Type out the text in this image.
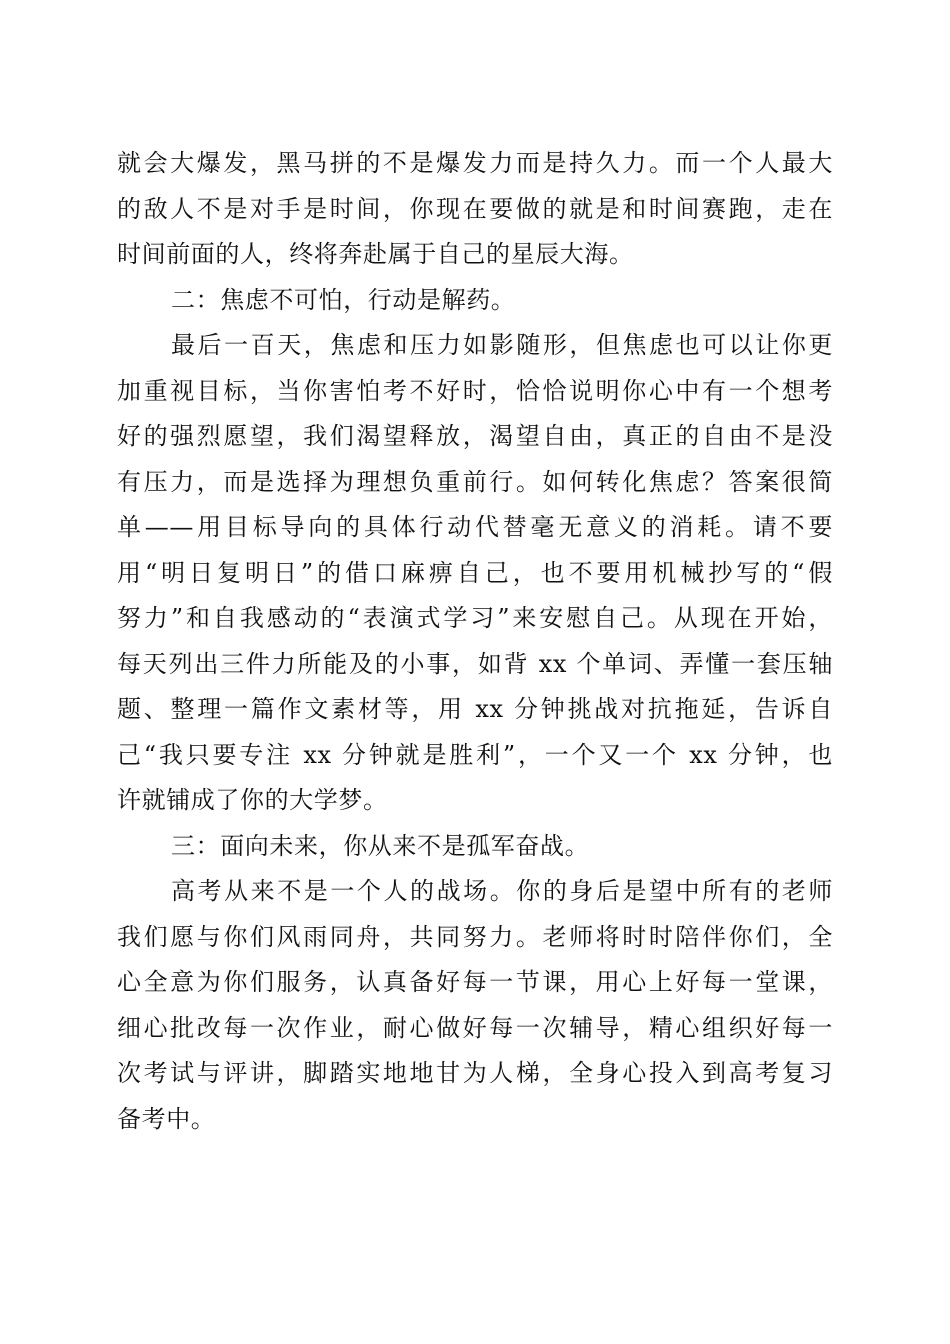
就会大爆发，黑马拼的不是爆发力而是持久力。而一个人最大
的敌人不是对手是时间，你现在要做的就是和时间赛跑，走在
时间前面的人，终将奔赴属于自己的星辰大海。
二：焦虑不可怕，行动是解药。
最后一百天，焦虑和压力如影随形，但焦虑也可以让你更
加重视目标，当你害怕考不好时，恰恰说明你心中有一个想考
好的强烈愿望，我们渴望释放，渴望自由，真正的自由不是没
有压力，而是选择为理想负重前行。如何转化焦虑？答案很简
单——用目标导向的具体行动代替毫无意义的消耗。请不要
用“明日复明日”的借口麻痹自己，也不要用机械抄写的“假
努力”和自我感动的“表演式学习”来安慰自己。从现在开始，
每天列出三件力所能及的小事，如背 xx 个单词、弄懂一套压轴
题、整理一篇作文素材等，用 xx 分钟挑战对抗拖延，告诉自
己“我只要专注 xx 分钟就是胜利”，一个又一个 xx 分钟，也
许就铺成了你的大学梦。
三：面向未来，你从来不是孤军奋战。
高考从来不是一个人的战场。你的身后是望中所有的老师
我们愿与你们风雨同舟，共同努力。老师将时时陪伴你们，全
心全意为你们服务，认真备好每一节课，用心上好每一堂课，
细心批改每一次作业，耐心做好每一次辅导，精心组织好每一
次考试与评讲，脚踏实地地甘为人梯，全身心投入到高考复习
备考中。
